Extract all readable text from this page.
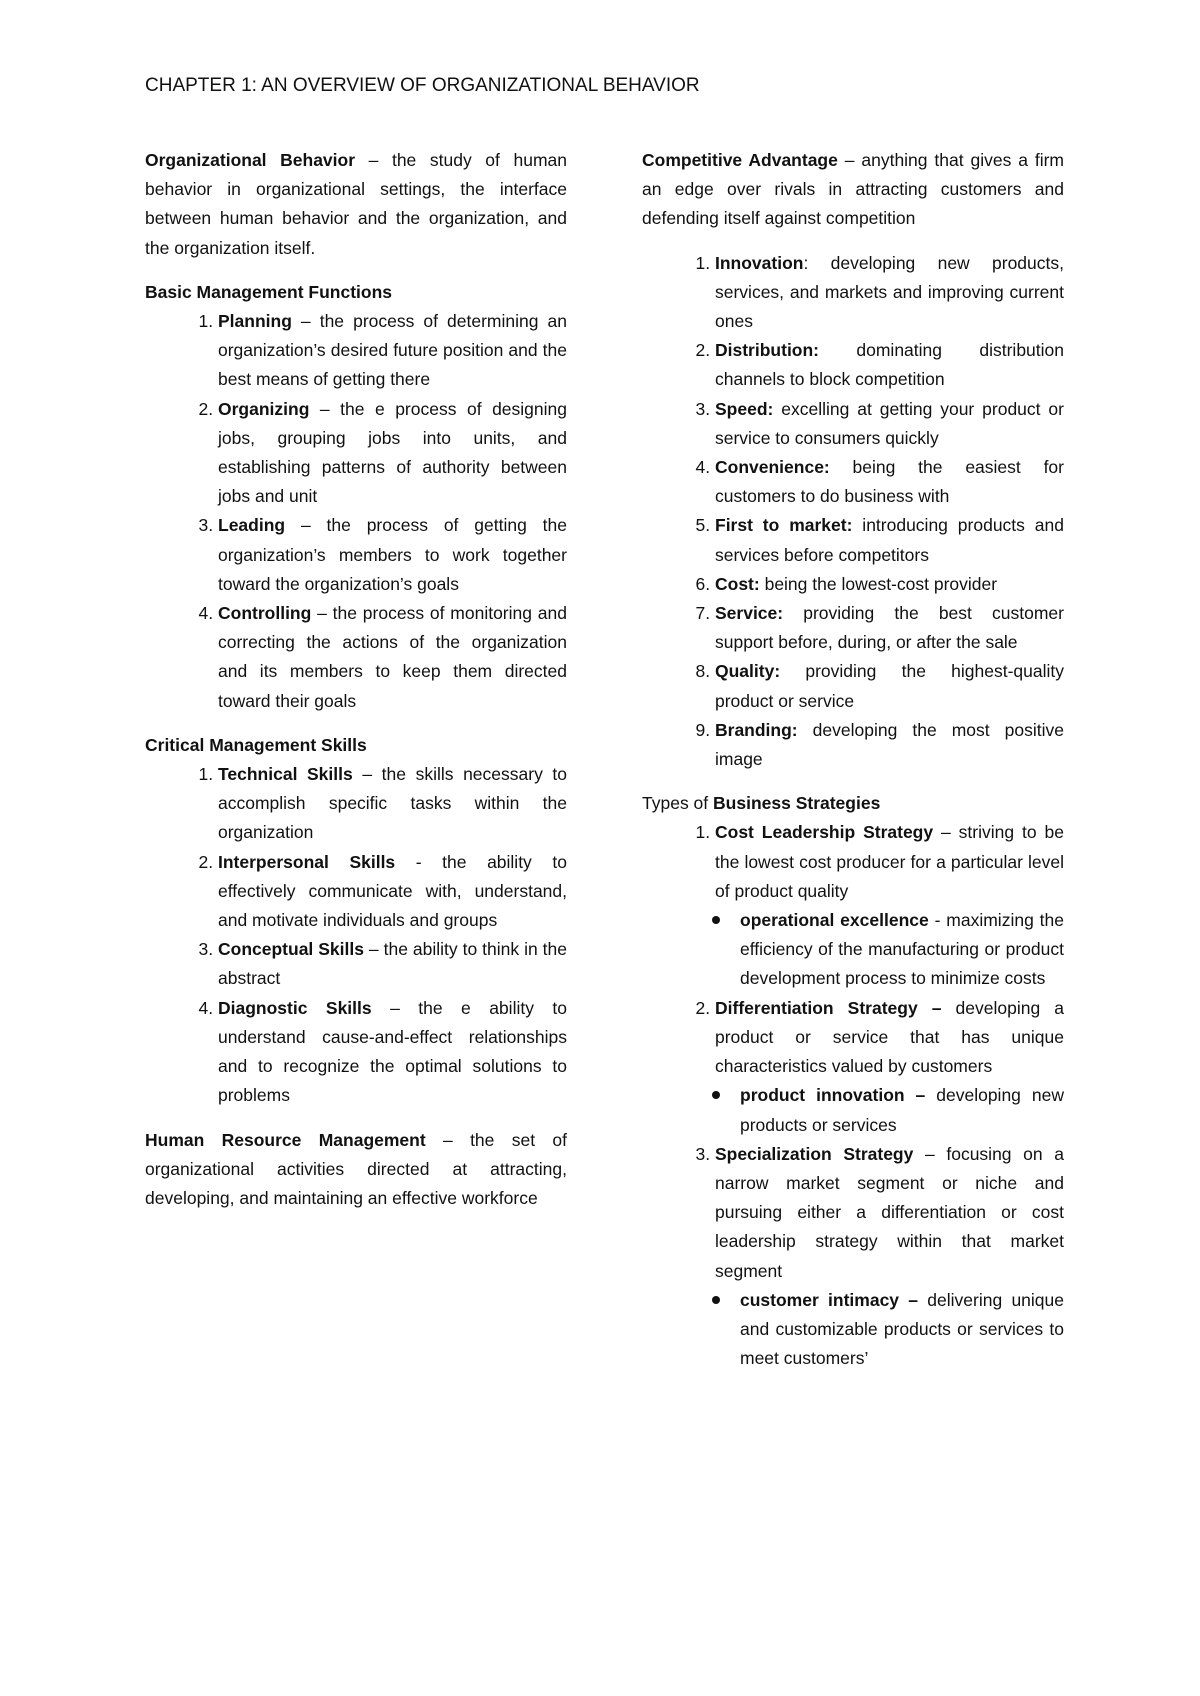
CHAPTER 1: AN OVERVIEW OF ORGANIZATIONAL BEHAVIOR

Organizational Behavior – the study of human behavior in organizational settings, the interface between human behavior and the organization, and the organization itself.

Basic Management Functions

1. Planning – the process of determining an organization’s desired future position and the best means of getting there
2. Organizing – the e process of designing jobs, grouping jobs into units, and establishing patterns of authority between jobs and unit
3. Leading – the process of getting the organization’s members to work together toward the organization’s goals
4. Controlling – the process of monitoring and correcting the actions of the organization and its members to keep them directed toward their goals

Critical Management Skills

1. Technical Skills – the skills necessary to accomplish specific tasks within the organization
2. Interpersonal Skills - the ability to effectively communicate with, understand, and motivate individuals and groups
3. Conceptual Skills – the ability to think in the abstract
4. Diagnostic Skills – the e ability to understand cause-and-effect relationships and to recognize the optimal solutions to problems

Human Resource Management – the set of organizational activities directed at attracting, developing, and maintaining an effective workforce

Competitive Advantage – anything that gives a firm an edge over rivals in attracting customers and defending itself against competition

1. Innovation: developing new products, services, and markets and improving current ones
2. Distribution: dominating distribution channels to block competition
3. Speed: excelling at getting your product or service to consumers quickly
4. Convenience: being the easiest for customers to do business with
5. First to market: introducing products and services before competitors
6. Cost: being the lowest-cost provider
7. Service: providing the best customer support before, during, or after the sale
8. Quality: providing the highest-quality product or service
9. Branding: developing the most positive image

Types of Business Strategies

1. Cost Leadership Strategy – striving to be the lowest cost producer for a particular level of product quality
operational excellence - maximizing the efficiency of the manufacturing or product development process to minimize costs
2. Differentiation Strategy – developing a product or service that has unique characteristics valued by customers
product innovation – developing new products or services
3. Specialization Strategy – focusing on a narrow market segment or niche and pursuing either a differentiation or cost leadership strategy within that market segment
customer intimacy – delivering unique and customizable products or services to meet customers’
